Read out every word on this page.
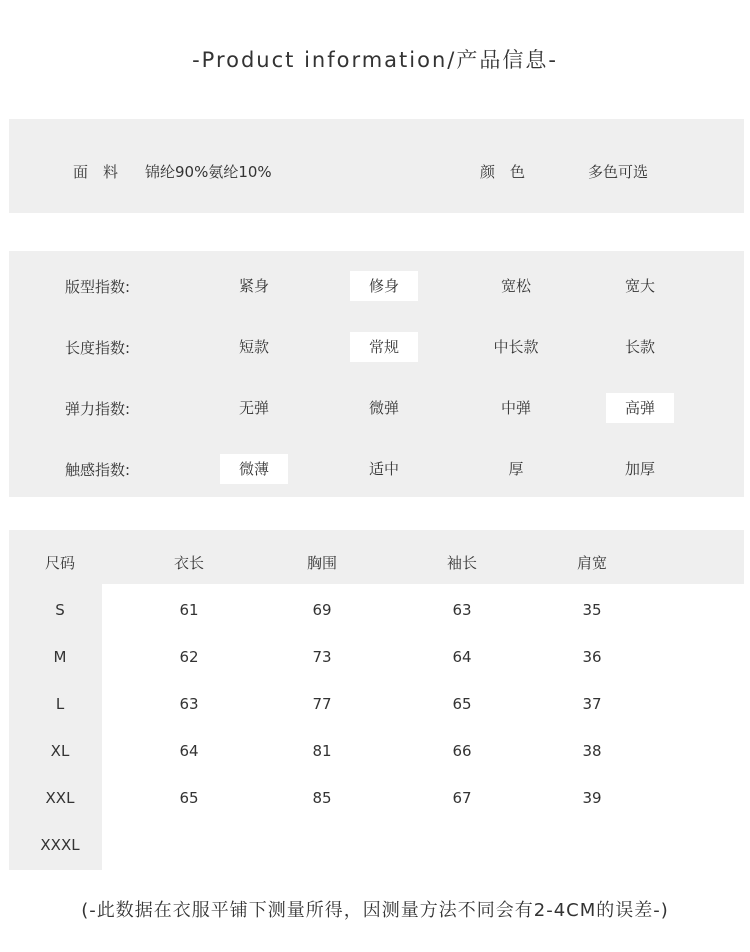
-Product information/产品信息-
面　料 锦纶90%氨纶10%	颜　色	多色可选
版型指数:	紧身	修身	宽松	宽大
长度指数:	短款	常规	中长款	长款
弹力指数:	无弹	微弹	中弹	高弹
触感指数:	微薄	适中	厚	加厚
尺码	衣长	胸围	袖长	肩宽
S	61	69	63	35
M	62	73	64	36
L	63	77	65	37
XL	64	81	66	38
XXL	65	85	67	39
XXXL
(-此数据在衣服平铺下测量所得，因测量方法不同会有2-4CM的误差-)
